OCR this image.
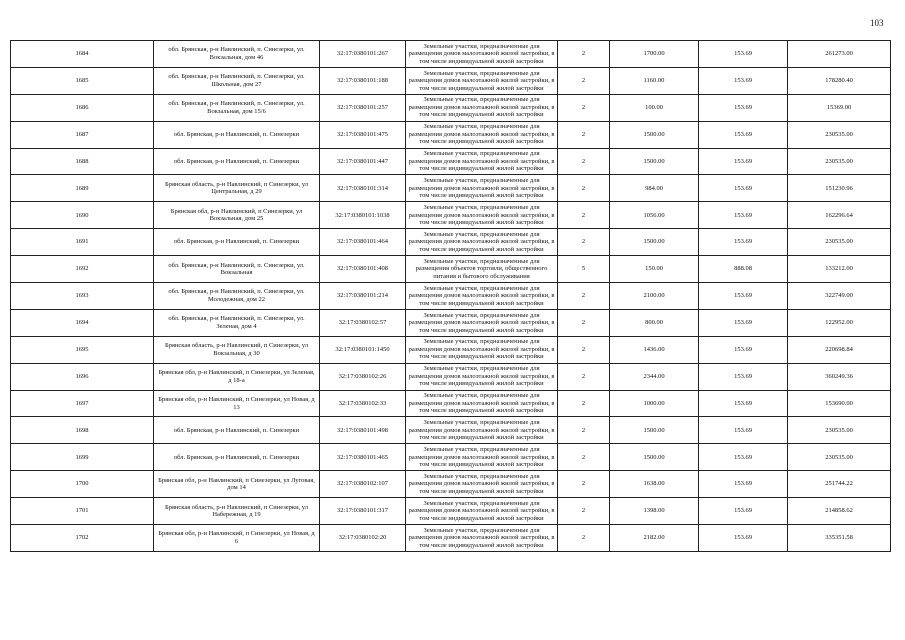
103
1684	обл. Брянская, р-н Навлинский, п. Синезерки, ул. Вокзальная, дом 46	32:17:0380101:267	Земельные участки, предназначенные для размещения домов малоэтажной жилой застройки, в том числе индивидуальной жилой застройки	2	1700.00	153.69	261273.00
1685	обл. Брянская, р-н Навлинский, п. Синезерки, ул. Школьная, дом 27	32:17:0380101:188	Земельные участки, предназначенные для размещения домов малоэтажной жилой застройки, в том числе индивидуальной жилой застройки	2	1160.00	153.69	178280.40
1686	обл. Брянская, р-н Навлинский, п. Синезерки, ул. Вокзальная, дом 15/6	32:17:0380101:257	Земельные участки, предназначенные для размещения домов малоэтажной жилой застройки, в том числе индивидуальной жилой застройки	2	100.00	153.69	15369.00
1687	обл. Брянская, р-н Навлинский, п. Синезерки	32:17:0380101:475	Земельные участки, предназначенные для размещения домов малоэтажной жилой застройки, в том числе индивидуальной жилой застройки	2	1500.00	153.69	230535.00
1688	обл. Брянская, р-н Навлинский, п. Синезерки	32:17:0380101:447	Земельные участки, предназначенные для размещения домов малоэтажной жилой застройки, в том числе индивидуальной жилой застройки	2	1500.00	153.69	230535.00
1689	Брянская область, р-н Навлинский, п Синезерки, ул Центральная, д 29	32:17:0380101:314	Земельные участки, предназначенные для размещения домов малоэтажной жилой застройки, в том числе индивидуальной жилой застройки	2	984.00	153.69	151230.96
1690	Брянская обл, р-н Навлинский, п Синезерки, ул Вокзальная, дом 25	32:17:0380101:1038	Земельные участки, предназначенные для размещения домов малоэтажной жилой застройки, в том числе индивидуальной жилой застройки	2	1056.00	153.69	162296.64
1691	обл. Брянская, р-н Навлинский, п. Синезерки	32:17:0380101:464	Земельные участки, предназначенные для размещения домов малоэтажной жилой застройки, в том числе индивидуальной жилой застройки	2	1500.00	153.69	230535.00
1692	обл. Брянская, р-н Навлинский, п. Синезерки, ул. Вокзальная	32:17:0380101:408	Земельные участки, предназначенные для размещения объектов торговли, общественного питания и бытового обслуживания	5	150.00	888.08	133212.00
1693	обл. Брянская, р-н Навлинский, п. Синезерки, ул. Молодежная, дом 22	32:17:0380101:214	Земельные участки, предназначенные для размещения домов малоэтажной жилой застройки, в том числе индивидуальной жилой застройки	2	2100.00	153.69	322749.00
1694	обл. Брянская, р-н Навлинский, п. Синезерки, ул. Зеленая, дом 4	32:17:0380102:57	Земельные участки, предназначенные для размещения домов малоэтажной жилой застройки, в том числе индивидуальной жилой застройки	2	800.00	153.69	122952.00
1695	Брянская область, р-н Навлинский, п Синезерки, ул Вокзальная, д 30	32:17:0380101:1450	Земельные участки, предназначенные для размещения домов малоэтажной жилой застройки, в том числе индивидуальной жилой застройки	2	1436.00	153.69	220698.84
1696	Брянская обл, р-н Навлинский, п Синезерки, ул Зеленая, д 18-а	32:17:0380102:26	Земельные участки, предназначенные для размещения домов малоэтажной жилой застройки, в том числе индивидуальной жилой застройки	2	2344.00	153.69	360249.36
1697	Брянская обл, р-н Навлинский, п Синезерки, ул Новая, д 13	32:17:0380102:33	Земельные участки, предназначенные для размещения домов малоэтажной жилой застройки, в том числе индивидуальной жилой застройки	2	1000.00	153.69	153690.00
1698	обл. Брянская, р-н Навлинский, п. Синезерки	32:17:0380101:498	Земельные участки, предназначенные для размещения домов малоэтажной жилой застройки, в том числе индивидуальной жилой застройки	2	1500.00	153.69	230535.00
1699	обл. Брянская, р-н Навлинский, п. Синезерки	32:17:0380101:465	Земельные участки, предназначенные для размещения домов малоэтажной жилой застройки, в том числе индивидуальной жилой застройки	2	1500.00	153.69	230535.00
1700	Брянская обл, р-н Навлинский, п Синезерки, ул Луговая, дом 14	32:17:0380102:107	Земельные участки, предназначенные для размещения домов малоэтажной жилой застройки, в том числе индивидуальной жилой застройки	2	1638.00	153.69	251744.22
1701	Брянская область, р-н Навлинский, п Синезерки, ул Набережная, д 19	32:17:0380101:317	Земельные участки, предназначенные для размещения домов малоэтажной жилой застройки, в том числе индивидуальной жилой застройки	2	1398.00	153.69	214858.62
1702	Брянская обл, р-н Навлинский, п Синезерки, ул Новая, д 6	32:17:0380102:20	Земельные участки, предназначенные для размещения домов малоэтажной жилой застройки, в том числе индивидуальной жилой застройки	2	2182.00	153.69	335351.58
